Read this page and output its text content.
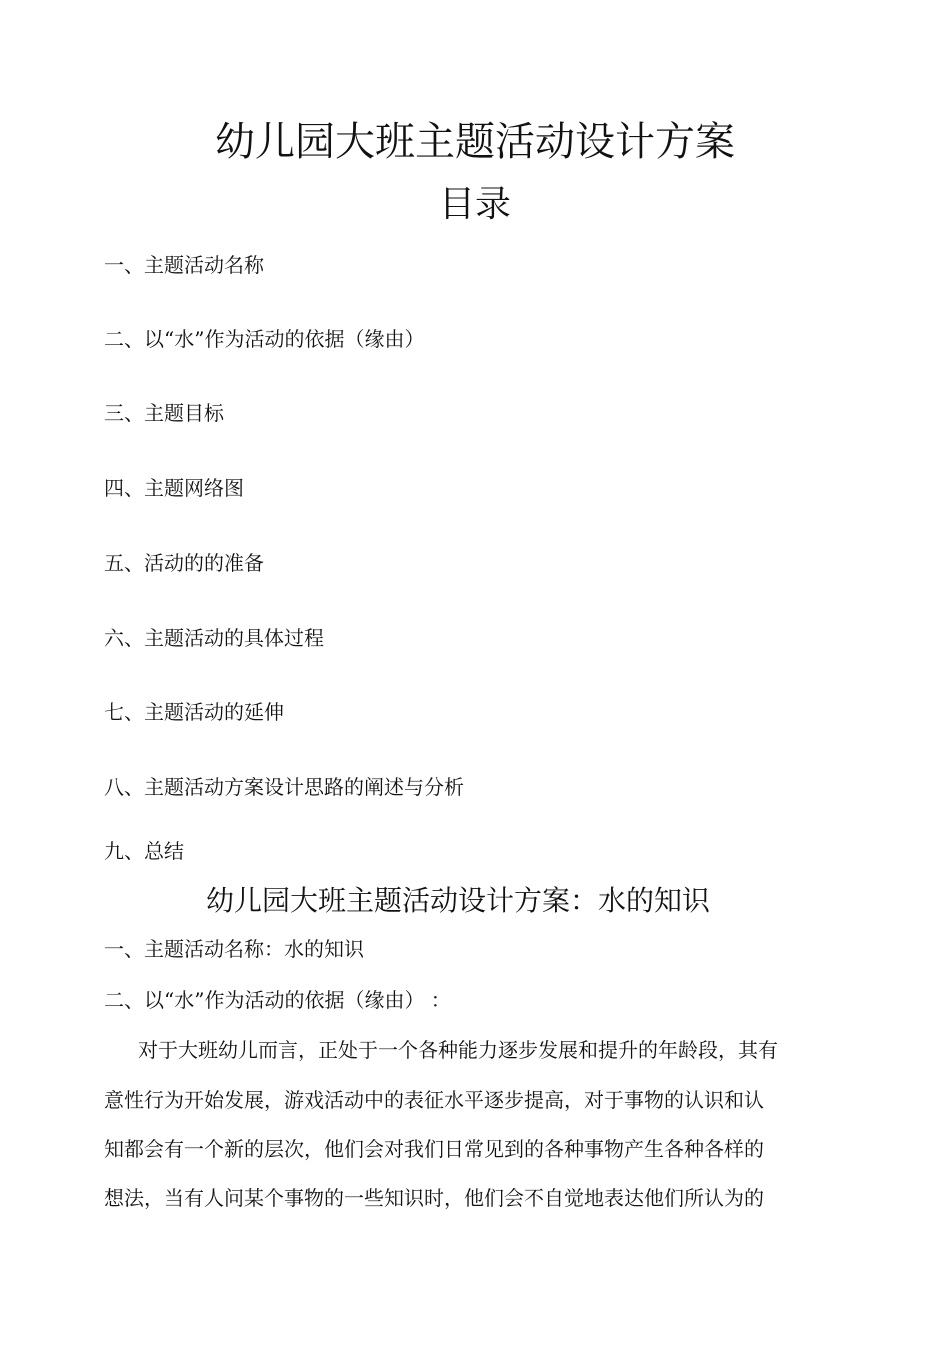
幼儿园大班主题活动设计方案
目录
一、主题活动名称
二、以“水”作为活动的依据（缘由）
三、主题目标
四、主题网络图
五、活动的的准备
六、主题活动的具体过程
七、主题活动的延伸
八、主题活动方案设计思路的阐述与分析
九、总结
幼儿园大班主题活动设计方案：水的知识
一、主题活动名称：水的知识
二、以“水”作为活动的依据（缘由） ：
对于大班幼儿而言，正处于一个各种能力逐步发展和提升的年龄段，其有
意性行为开始发展，游戏活动中的表征水平逐步提高，对于事物的认识和认
知都会有一个新的层次，他们会对我们日常见到的各种事物产生各种各样的
想法，当有人问某个事物的一些知识时，他们会不自觉地表达他们所认为的
